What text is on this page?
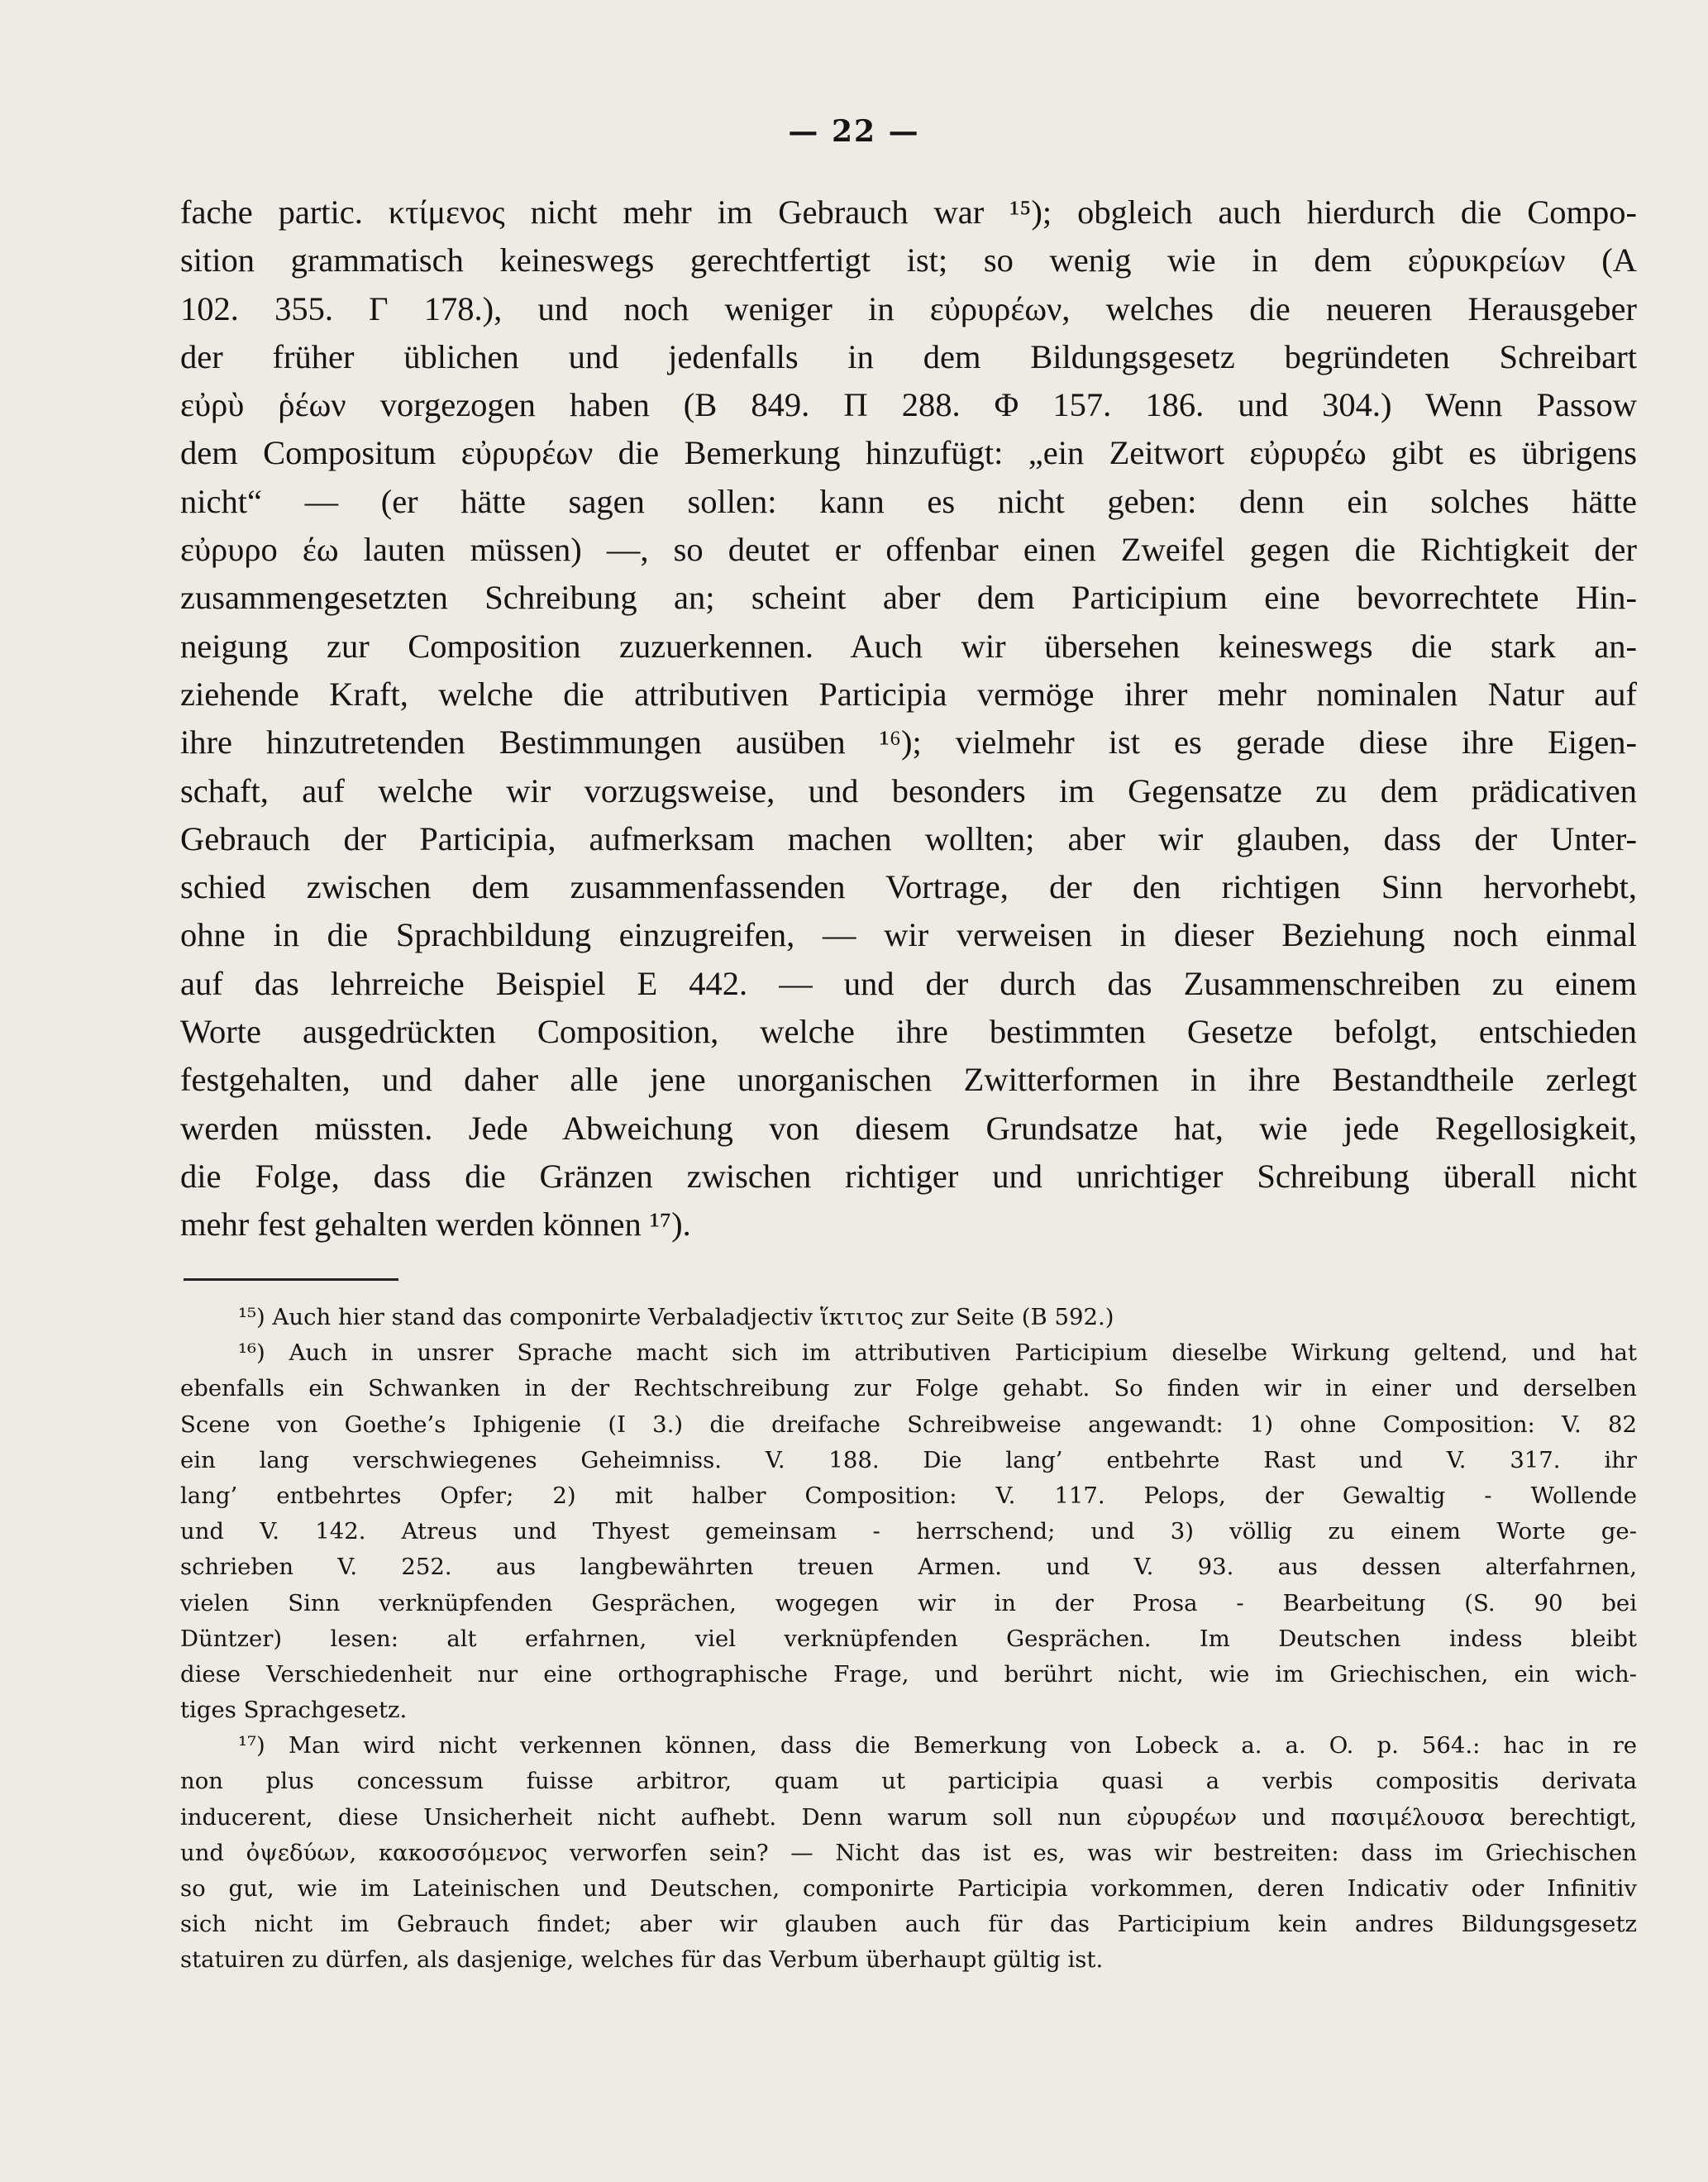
— 22 —
fache partic. κτίμενος nicht mehr im Gebrauch war ¹⁵); obgleich auch hierdurch die Compo-
sition grammatisch keineswegs gerechtfertigt ist; so wenig wie in dem εὐρυκρείων (Α
102. 355. Γ 178.), und noch weniger in εὐρυρέων, welches die neueren Herausgeber
der früher üblichen und jedenfalls in dem Bildungsgesetz begründeten Schreibart
εὐρὺ ῥέων vorgezogen haben (Β 849. Π 288. Φ 157. 186. und 304.) Wenn Passow
dem Compositum εὐρυρέων die Bemerkung hinzufügt: „ein Zeitwort εὐρυρέω gibt es übrigens
nicht“ — (er hätte sagen sollen: kann es nicht geben: denn ein solches hätte
εὐρυρο έω lauten müssen) —, so deutet er offenbar einen Zweifel gegen die Richtigkeit der
zusammengesetzten Schreibung an; scheint aber dem Participium eine bevorrechtete Hin-
neigung zur Composition zuzuerkennen. Auch wir übersehen keineswegs die stark an-
ziehende Kraft, welche die attributiven Participia vermöge ihrer mehr nominalen Natur auf
ihre hinzutretenden Bestimmungen ausüben ¹⁶); vielmehr ist es gerade diese ihre Eigen-
schaft, auf welche wir vorzugsweise, und besonders im Gegensatze zu dem prädicativen
Gebrauch der Participia, aufmerksam machen wollten; aber wir glauben, dass der Unter-
schied zwischen dem zusammenfassenden Vortrage, der den richtigen Sinn hervorhebt,
ohne in die Sprachbildung einzugreifen, — wir verweisen in dieser Beziehung noch einmal
auf das lehrreiche Beispiel Ε 442. — und der durch das Zusammenschreiben zu einem
Worte ausgedrückten Composition, welche ihre bestimmten Gesetze befolgt, entschieden
festgehalten, und daher alle jene unorganischen Zwitterformen in ihre Bestandtheile zerlegt
werden müssten. Jede Abweichung von diesem Grundsatze hat, wie jede Regellosigkeit,
die Folge, dass die Gränzen zwischen richtiger und unrichtiger Schreibung überall nicht
mehr fest gehalten werden können ¹⁷).
¹⁵) Auch hier stand das componirte Verbaladjectiv ἵκτιτος zur Seite (Β 592.)
¹⁶) Auch in unsrer Sprache macht sich im attributiven Participium dieselbe Wirkung geltend, und hat
ebenfalls ein Schwanken in der Rechtschreibung zur Folge gehabt. So finden wir in einer und derselben
Scene von Goethe’s Iphigenie (I 3.) die dreifache Schreibweise angewandt: 1) ohne Composition: V. 82
ein lang verschwiegenes Geheimniss. V. 188. Die lang’ entbehrte Rast und V. 317. ihr
lang’ entbehrtes Opfer; 2) mit halber Composition: V. 117. Pelops, der Gewaltig - Wollende
und V. 142. Atreus und Thyest gemeinsam - herrschend; und 3) völlig zu einem Worte ge-
schrieben V. 252. aus langbewährten treuen Armen. und V. 93. aus dessen alterfahrnen,
vielen Sinn verknüpfenden Gesprächen, wogegen wir in der Prosa - Bearbeitung (S. 90 bei
Düntzer) lesen: alt erfahrnen, viel verknüpfenden Gesprächen. Im Deutschen indess bleibt
diese Verschiedenheit nur eine orthographische Frage, und berührt nicht, wie im Griechischen, ein wich-
tiges Sprachgesetz.
¹⁷) Man wird nicht verkennen können, dass die Bemerkung von Lobeck a. a. O. p. 564.: hac in re
non plus concessum fuisse arbitror, quam ut participia quasi a verbis compositis derivata
inducerent, diese Unsicherheit nicht aufhebt. Denn warum soll nun εὐρυρέων und πασιμέλουσα berechtigt,
und ὀψεδύων, κακοσσόμενος verworfen sein? — Nicht das ist es, was wir bestreiten: dass im Griechischen
so gut, wie im Lateinischen und Deutschen, componirte Participia vorkommen, deren Indicativ oder Infinitiv
sich nicht im Gebrauch findet; aber wir glauben auch für das Participium kein andres Bildungsgesetz
statuiren zu dürfen, als dasjenige, welches für das Verbum überhaupt gültig ist.
